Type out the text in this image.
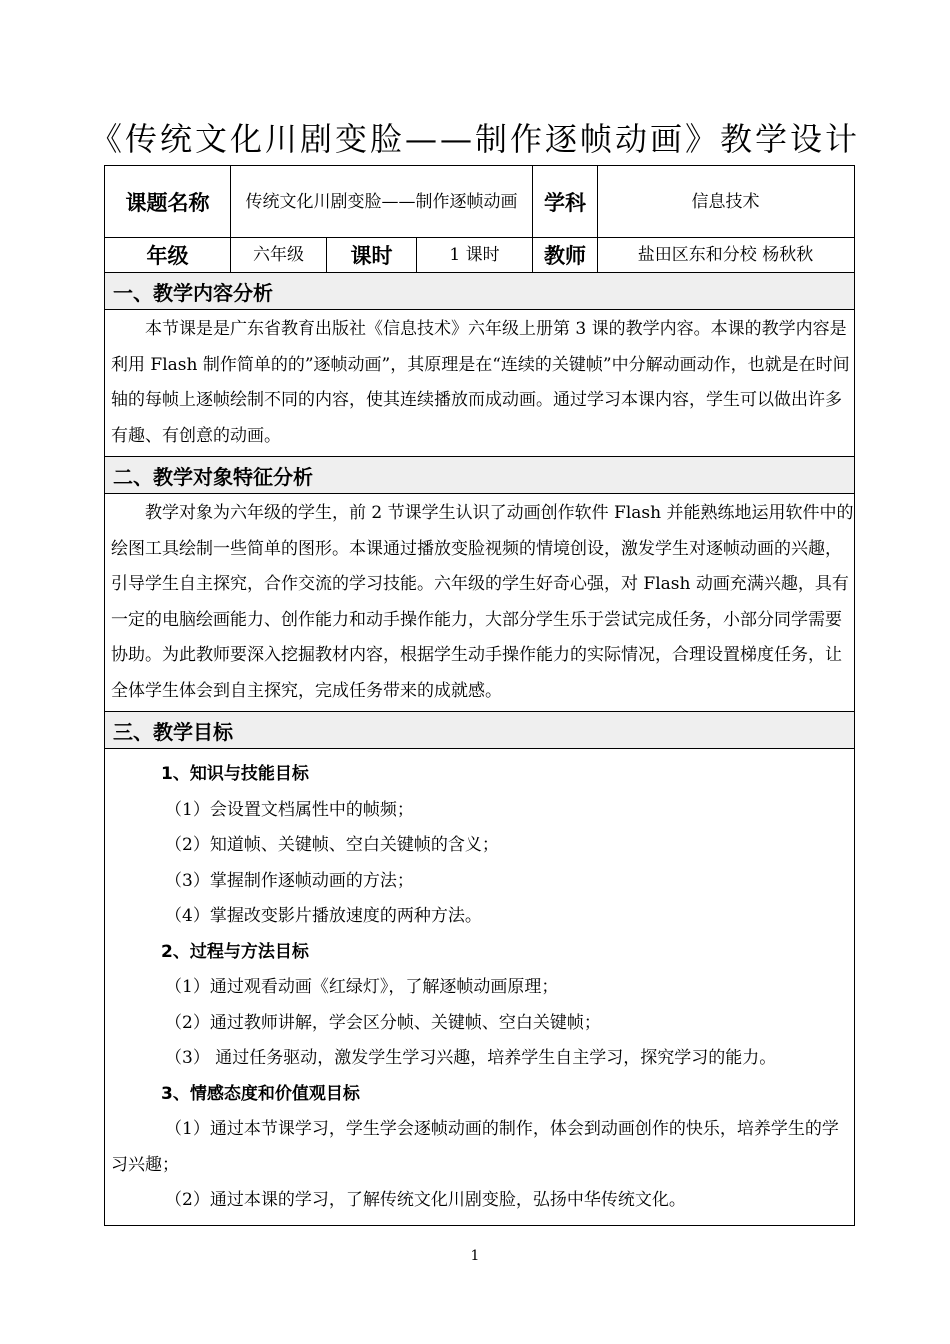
《传统文化川剧变脸——制作逐帧动画》教学设计
课题名称	传统文化川剧变脸——制作逐帧动画	学科	信息技术
年级	六年级	课时	1 课时	教师	盐田区东和分校 杨秋秋
一、教学内容分析

本节课是是广东省教育出版社《信息技术》六年级上册第 3 课的教学内容。本课的教学内容是利用 Flash 制作简单的的”逐帧动画”，其原理是在“连续的关键帧”中分解动画动作，也就是在时间轴的每帧上逐帧绘制不同的内容，使其连续播放而成动画。通过学习本课内容，学生可以做出许多有趣、有创意的动画。

二、教学对象特征分析

教学对象为六年级的学生，前 2 节课学生认识了动画创作软件 Flash 并能熟练地运用软件中的绘图工具绘制一些简单的图形。本课通过播放变脸视频的情境创设，激发学生对逐帧动画的兴趣，引导学生自主探究，合作交流的学习技能。六年级的学生好奇心强，对 Flash 动画充满兴趣，具有一定的电脑绘画能力、创作能力和动手操作能力，大部分学生乐于尝试完成任务，小部分同学需要协助。为此教师要深入挖掘教材内容，根据学生动手操作能力的实际情况，合理设置梯度任务，让全体学生体会到自主探究，完成任务带来的成就感。

三、教学目标
1、知识与技能目标
（1）会设置文档属性中的帧频；
（2）知道帧、关键帧、空白关键帧的含义；
（3）掌握制作逐帧动画的方法；
（4）掌握改变影片播放速度的两种方法。
2、过程与方法目标
（1）通过观看动画《红绿灯》，了解逐帧动画原理；
（2）通过教师讲解，学会区分帧、关键帧、空白关键帧；
（3） 通过任务驱动，激发学生学习兴趣，培养学生自主学习，探究学习的能力。
3、情感态度和价值观目标
（1）通过本节课学习，学生学会逐帧动画的制作，体会到动画创作的快乐，培养学生的学习兴趣；
（2）通过本课的学习，了解传统文化川剧变脸，弘扬中华传统文化。
1
